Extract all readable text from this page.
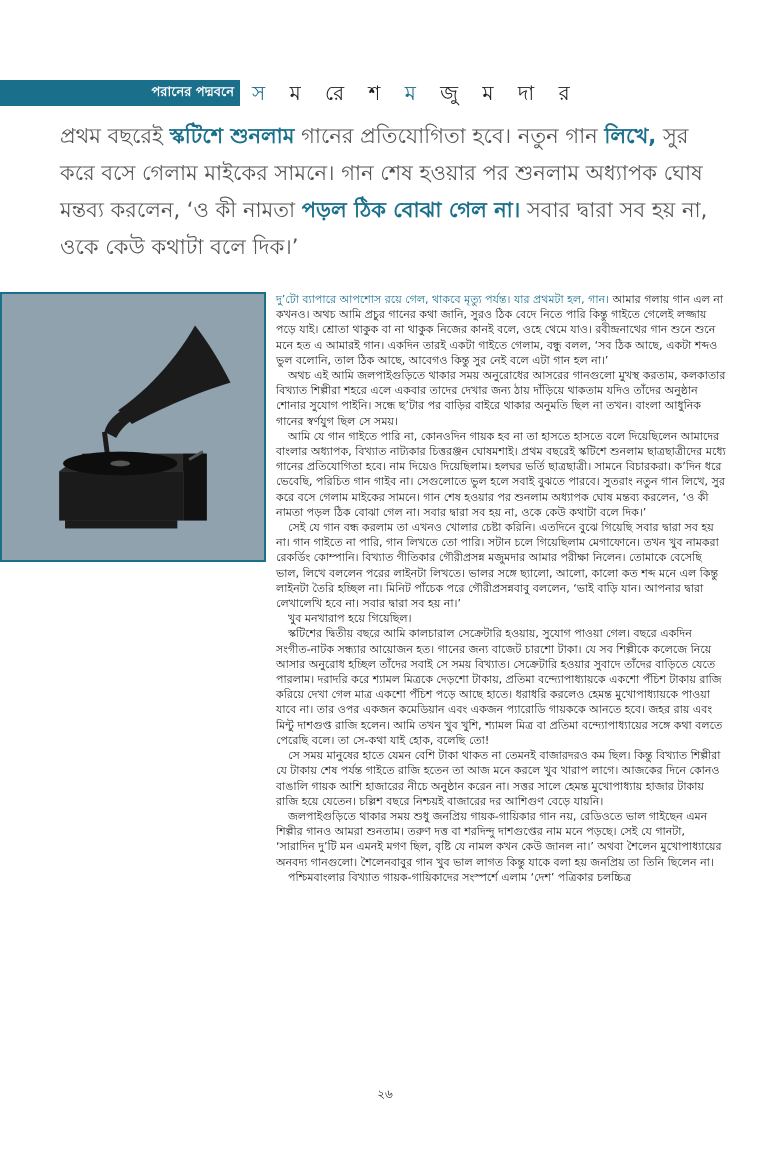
পরানের পদ্মবনে স ম রে শ ম জু ম দা র
প্রথম বছরেই স্কটিশে শুনলাম গানের প্রতিযোগিতা হবে। নতুন গান লিখে, সুর করে বসে গেলাম মাইকের সামনে। গান শেষ হওয়ার পর শুনলাম অধ্যাপক ঘোষ মন্তব্য করলেন, ‘ও কী নামতা পড়ল ঠিক বোঝা গেল না। সবার দ্বারা সব হয় না, ওকে কেউ কথাটা বলে দিক।’

দু’টো ব্যাপারে আপশোস রয়ে গেল, থাকবে মৃত্যু পর্যন্ত। যার প্রথমটা হল, গান। আমার গলায় গান এল না কখনও। অথচ আমি প্রচুর গানের কথা জানি, সুরও ঠিক বেদে নিতে পারি কিন্তু গাইতে গেলেই লজ্জায় পড়ে যাই। শ্রোতা থাকুক বা না থাকুক নিজের কানই বলে, ওহে থেমে যাও। রবীন্দ্রনাথের গান শুনে শুনে মনে হত এ আমারই গান। একদিন তারই একটা গাইতে গেলাম, বন্ধু বলল, ‘সব ঠিক আছে, একটা শব্দও ভুল বলোনি, তাল ঠিক আছে, আবেগও কিন্তু সুর নেই বলে এটা গান হল না।’

অথচ এই আমি জলপাইগুড়িতে থাকার সময় অনুরোধের আসরের গানগুলো মুখস্থ করতাম, কলকাতার বিখ্যাত শিল্পীরা শহরে এলে একবার তাদের দেখার জন্য ঠায় দাঁড়িয়ে থাকতাম যদিও তাঁদের অনুষ্ঠান শোনার সুযোগ পাইনি। সন্ধে ছ’টার পর বাড়ির বাইরে থাকার অনুমতি ছিল না তখন। বাংলা আধুনিক গানের স্বর্ণযুগ ছিল সে সময়।

আমি যে গান গাইতে পারি না, কোনওদিন গায়ক হব না তা হাসতে হাসতে বলে দিয়েছিলেন আমাদের বাংলার অধ্যাপক, বিখ্যাত নাট্যকার চিত্তরঞ্জন ঘোষমশাই। প্রথম বছরেই স্কটিশে শুনলাম ছাত্রছাত্রীদের মধ্যে গানের প্রতিযোগিতা হবে। নাম দিয়েও দিয়েছিলাম। হলঘর ভর্তি ছাত্রছাত্রী। সামনে বিচারকরা। ক’দিন ধরে ভেবেছি, পরিচিত গান গাইব না। সেগুলোতে ভুল হলে সবাই বুঝতে পারবে। সুতরাং নতুন গান লিখে, সুর করে বসে গেলাম মাইকের সামনে। গান শেষ হওয়ার পর শুনলাম অধ্যাপক ঘোষ মন্তব্য করলেন, ‘ও কী নামতা পড়ল ঠিক বোঝা গেল না। সবার দ্বারা সব হয় না, ওকে কেউ কথাটা বলে দিক।’

সেই যে গান বন্ধ করলাম তা এখনও খোলার চেষ্টা করিনি। এতদিনে বুঝে গিয়েছি সবার দ্বারা সব হয় না। গান গাইতে না পারি, গান লিখতে তো পারি। সটান চলে গিয়েছিলাম মেগাফোনে। তখন খুব নামকরা রেকর্ডিং কোম্পানি। বিখ্যাত গীতিকার গৌরীপ্রসন্ন মজুমদার আমার পরীক্ষা নিলেন। তোমাকে বেসেছি ভাল, লিখে বললেন পরের লাইনটা লিখতে। ভালর সঙ্গে ছ্যালো, আলো, কালো কত শব্দ মনে এল কিন্তু লাইনটা তৈরি হচ্ছিল না। মিনিট পাঁচেক পরে গৌরীপ্রসন্নবাবু বললেন, ‘ভাই বাড়ি যান। আপনার দ্বারা লেখালেখি হবে না। সবার দ্বারা সব হয় না।’

খুব মনখারাপ হয়ে গিয়েছিল।

স্কটিশের দ্বিতীয় বছরে আমি কালচারাল সেক্রেটারি হওয়ায়, সুযোগ পাওয়া গেল। বছরে একদিন সংগীত-নাটক সন্ধ্যার আয়োজন হত। গানের জন্য বাজেট চারশো টাকা। যে সব শিল্পীকে কলেজে নিয়ে আসার অনুরোধ হচ্ছিল তাঁদের সবাই সে সময় বিখ্যাত। সেক্রেটারি হওয়ার সুবাদে তাঁদের বাড়িতে যেতে পারলাম। দরাদরি করে শ্যামল মিত্রকে দেড়শো টাকায়, প্রতিমা বন্দ্যোপাধ্যায়কে একশো পঁচিশ টাকায় রাজি করিয়ে দেখা গেল মাত্র একশো পঁচিশ পড়ে আছে হাতে। ধরাধরি করলেও হেমন্ত মুখোপাধ্যায়কে পাওয়া যাবে না। তার ওপর একজন কমেডিয়ান এবং একজন প্যারোডি গায়ককে আনতে হবে। জহর রায় এবং মিন্টু দাশগুপ্ত রাজি হলেন। আমি তখন খুব খুশি, শ্যামল মিত্র বা প্রতিমা বন্দ্যোপাধ্যায়ের সঙ্গে কথা বলতে পেরেছি বলে। তা সে-কথা যাই হোক, বলেছি তো!

সে সময় মানুষের হাতে যেমন বেশি টাকা থাকত না তেমনই বাজারদরও কম ছিল। কিন্তু বিখ্যাত শিল্পীরা যে টাকায় শেষ পর্যন্ত গাইতে রাজি হতেন তা আজ মনে করলে খুব খারাপ লাগে। আজকের দিনে কোনও বাঙালি গায়ক আশি হাজারের নীচে অনুষ্ঠান করেন না। সত্তর সালে হেমন্ত মুখোপাধ্যায় হাজার টাকায় রাজি হয়ে যেতেন। চল্লিশ বছরে নিশ্চয়ই বাজারের দর আশিগুণ বেড়ে যায়নি।

জলপাইগুড়িতে থাকার সময় শুধু জনপ্রিয় গায়ক-গায়িকার গান নয়, রেডিওতে ভাল গাইছেন এমন শিল্পীর গানও আমরা শুনতাম। তরুণ দত্ত বা শরদিন্দু দাশগুপ্তের নাম মনে পড়ছে। সেই যে গানটা, ‘সারাদিন দু’টি মন এমনই মগণ ছিল, বৃষ্টি যে নামল কখন কেউ জানল না।’ অথবা শৈলেন মুখোপাধ্যায়ের অনবদ্য গানগুলো। শৈলেনবাবুর গান খুব ভাল লাগত কিন্তু যাকে বলা হয় জনপ্রিয় তা তিনি ছিলেন না।

পশ্চিমবাংলার বিখ্যাত গায়ক-গায়িকাদের সংস্পর্শে এলাম ‘দেশ’ পত্রিকার চলচ্চিত্র

২৬
